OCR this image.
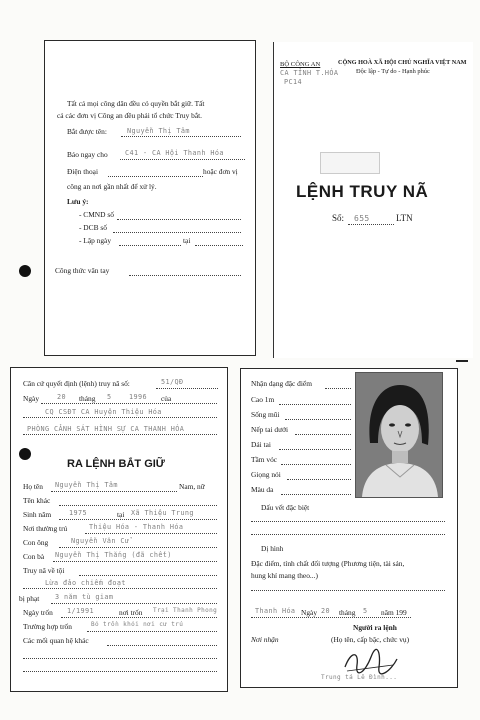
Tất cả mọi công dân đều có quyền bắt giữ. Tất
cả các đơn vị Công an đều phải tổ chức Truy bắt.
Bắt được tên:	Nguyễn Thị Tâm
Báo ngay cho	C41 - CA Hội Thanh Hóa
Điện thoại	hoặc đơn vị
công an nơi gần nhất để xử lý.
Lưu ý:
- CMND số
- DCB số
- Lập ngày	tại
Công thức vân tay
BỘ CÔNG AN
CA TỈNH T.HÓA
PC14
CỘNG HOÀ XÃ HỘI CHỦ NGHĨA VIỆT NAM
Độc lập - Tự do - Hạnh phúc
LỆNH TRUY NÃ
Số: 655	LTN
Căn cứ quyết định (lệnh) truy nã số:	51/QĐ
Ngày	20 tháng 5	1996 của
CQ CSĐT CA Huyện Thiệu Hóa
PHÒNG CẢNH SÁT HÌNH SỰ CA THANH HÓA
RA LỆNH BẮT GIỮ
Họ tên Nguyễn Thị Tâm	Nam, nữ
Tên khác
Sinh năm	1975	tại Xã Thiệu Trung
Nơi thường trú	Thiệu Hóa - Thanh Hóa
Con ông	Nguyễn Văn Cử
Con bà Nguyễn Thị Thắng (đã chết)
Truy nã về tội
Lừa đảo chiếm đoạt
bị phạt 3 năm tù giam
Ngày trốn 1/1991	nơi trốn Trại Thanh Phong
Trường hợp trốn	Bỏ trốn khỏi nơi cư trú
Các mối quan hệ khác
Nhận dạng đặc điểm
Cao 1m
Sống mũi
Nếp tai dưới
Dái tai
Tầm vóc
Giọng nói
Màu da
Dấu vết đặc biệt
Dị hình
Đặc điểm, tính chất đối tượng (Phương tiện, tài sản,
hung khí mang theo...)
Thanh Hóa Ngày 20 tháng 5 năm 199
Người ra lệnh
(Họ tên, cấp bậc, chức vụ)
Nơi nhận
Trung tá Lê Đình...
